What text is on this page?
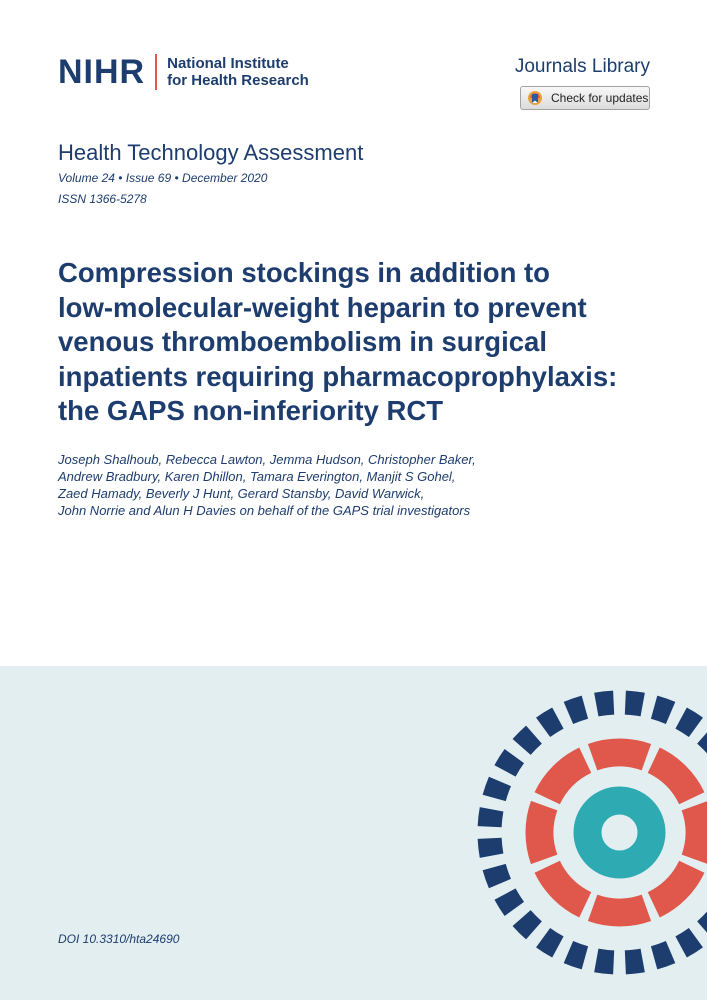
NIHR National Institute
for Health Research
Journals Library
Check for updates
Health Technology Assessment
Volume 24 • Issue 69 • December 2020
ISSN 1366-5278
Compression stockings in addition to
low-molecular-weight heparin to prevent
venous thromboembolism in surgical
inpatients requiring pharmacoprophylaxis:
the GAPS non-inferiority RCT
Joseph Shalhoub, Rebecca Lawton, Jemma Hudson, Christopher Baker,
Andrew Bradbury, Karen Dhillon, Tamara Everington, Manjit S Gohel,
Zaed Hamady, Beverly J Hunt, Gerard Stansby, David Warwick,
John Norrie and Alun H Davies on behalf of the GAPS trial investigators
DOI 10.3310/hta24690
